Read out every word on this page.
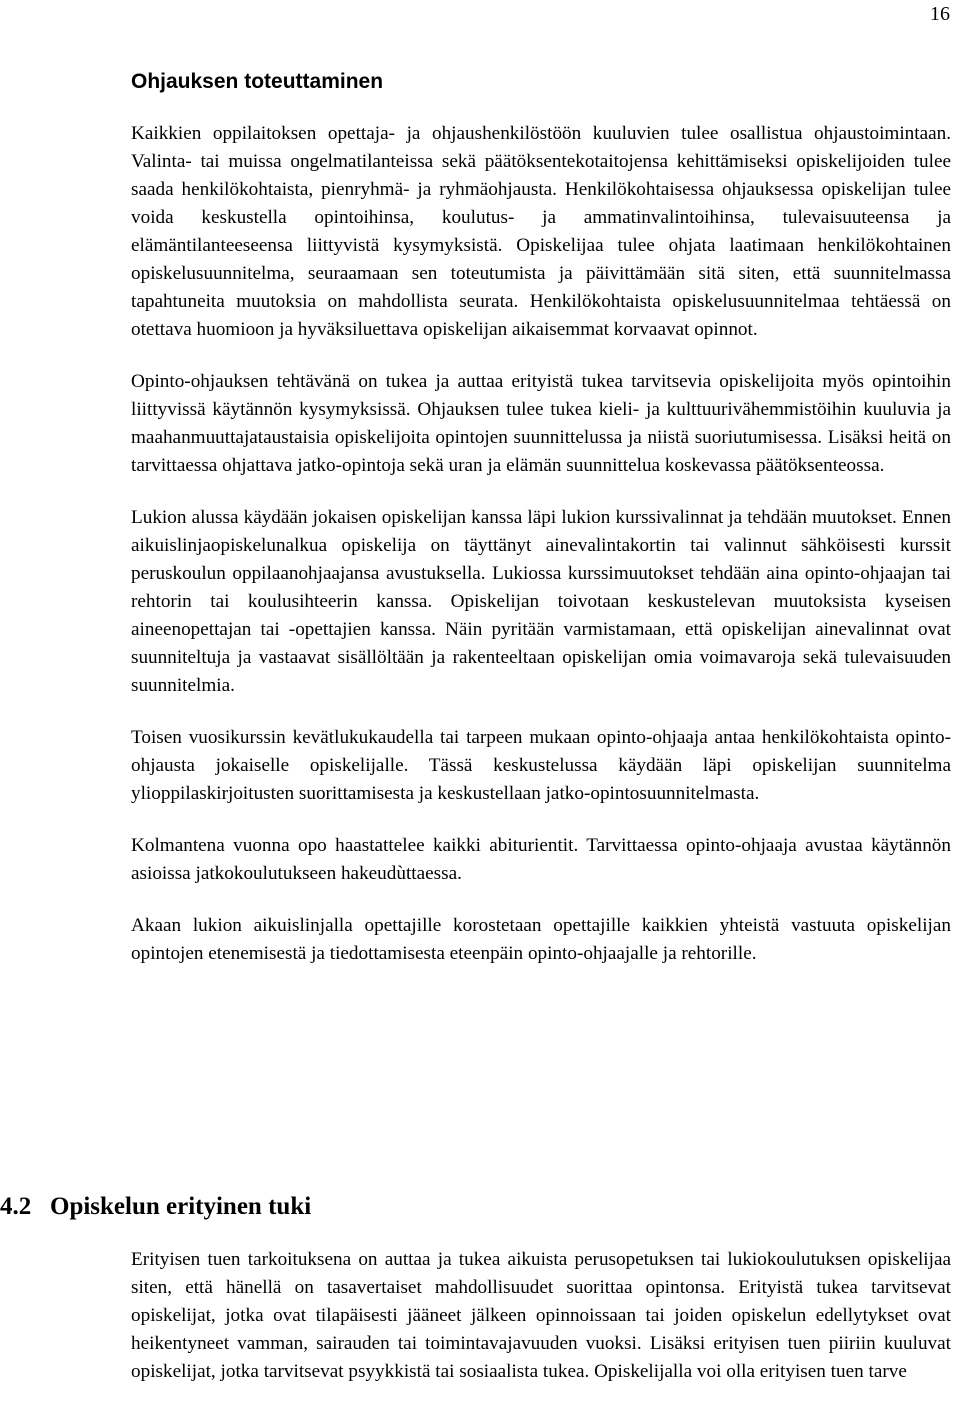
16
Ohjauksen toteuttaminen

Kaikkien oppilaitoksen opettaja- ja ohjaushenkilöstöön kuuluvien tulee osallistua ohjaustoimintaan. Valinta- tai muissa ongelmatilanteissa sekä päätöksentekotaitojensa kehittämiseksi opiskelijoiden tulee saada henkilökohtaista, pienryhmä- ja ryhmäohjausta. Henkilökohtaisessa ohjauksessa opiskelijan tulee voida keskustella opintoihinsa, koulutus- ja ammatinvalintoihinsa, tulevaisuuteensa ja elämäntilanteeseensa liittyvistä kysymyksistä. Opiskelijaa tulee ohjata laatimaan henkilökohtainen opiskelusuunnitelma, seuraamaan sen toteutumista ja päivittämään sitä siten, että suunnitelmassa tapahtuneita muutoksia on mahdollista seurata. Henkilökohtaista opiskelusuunnitelmaa tehtäessä on otettava huomioon ja hyväksiluettava opiskelijan aikaisemmat korvaavat opinnot.

Opinto-ohjauksen tehtävänä on tukea ja auttaa erityistä tukea tarvitsevia opiskelijoita myös opintoihin liittyvissä käytännön kysymyksissä. Ohjauksen tulee tukea kieli- ja kulttuurivähemmistöihin kuuluvia ja maahanmuuttajataustaisia opiskelijoita opintojen suunnittelussa ja niistä suoriutumisessa. Lisäksi heitä on tarvittaessa ohjattava jatko-opintoja sekä uran ja elämän suunnittelua koskevassa päätöksenteossa.

Lukion alussa käydään jokaisen opiskelijan kanssa läpi lukion kurssivalinnat ja tehdään muutokset. Ennen aikuislinjaopiskelunalkua opiskelija on täyttänyt ainevalintakortin tai valinnut sähköisesti kurssit peruskoulun oppilaanohjaajansa avustuksella. Lukiossa kurssimuutokset tehdään aina opinto-ohjaajan tai rehtorin tai koulusihteerin kanssa. Opiskelijan toivotaan keskustelevan muutoksista kyseisen aineenopettajan tai -opettajien kanssa. Näin pyritään varmistamaan, että opiskelijan ainevalinnat ovat suunniteltuja ja vastaavat sisällöltään ja rakenteeltaan opiskelijan omia voimavaroja sekä tulevaisuuden suunnitelmia.

Toisen vuosikurssin kevätlukukaudella tai tarpeen mukaan opinto-ohjaaja antaa henkilökohtaista opinto-ohjausta jokaiselle opiskelijalle. Tässä keskustelussa käydään läpi opiskelijan suunnitelma ylioppilaskirjoitusten suorittamisesta ja keskustellaan jatko-opintosuunnitelmasta.

Kolmantena vuonna opo haastattelee kaikki abiturientit. Tarvittaessa opinto-ohjaaja avustaa käytännön asioissa jatkokoulutukseen hakeudùttaessa.

Akaan lukion aikuislinjalla opettajille korostetaan opettajille kaikkien yhteistä vastuuta opiskelijan opintojen etenemisestä ja tiedottamisesta eteenpäin opinto-ohjaajalle ja rehtorille.

4.2 Opiskelun erityinen tuki

Erityisen tuen tarkoituksena on auttaa ja tukea aikuista perusopetuksen tai lukiokoulutuksen opiskelijaa siten, että hänellä on tasavertaiset mahdollisuudet suorittaa opintonsa. Erityistä tukea tarvitsevat opiskelijat, jotka ovat tilapäisesti jääneet jälkeen opinnoissaan tai joiden opiskelun edellytykset ovat heikentyneet vamman, sairauden tai toimintavajavuuden vuoksi. Lisäksi erityisen tuen piiriin kuuluvat opiskelijat, jotka tarvitsevat psyykkistä tai sosiaalista tukea. Opiskelijalla voi olla erityisen tuen tarve
